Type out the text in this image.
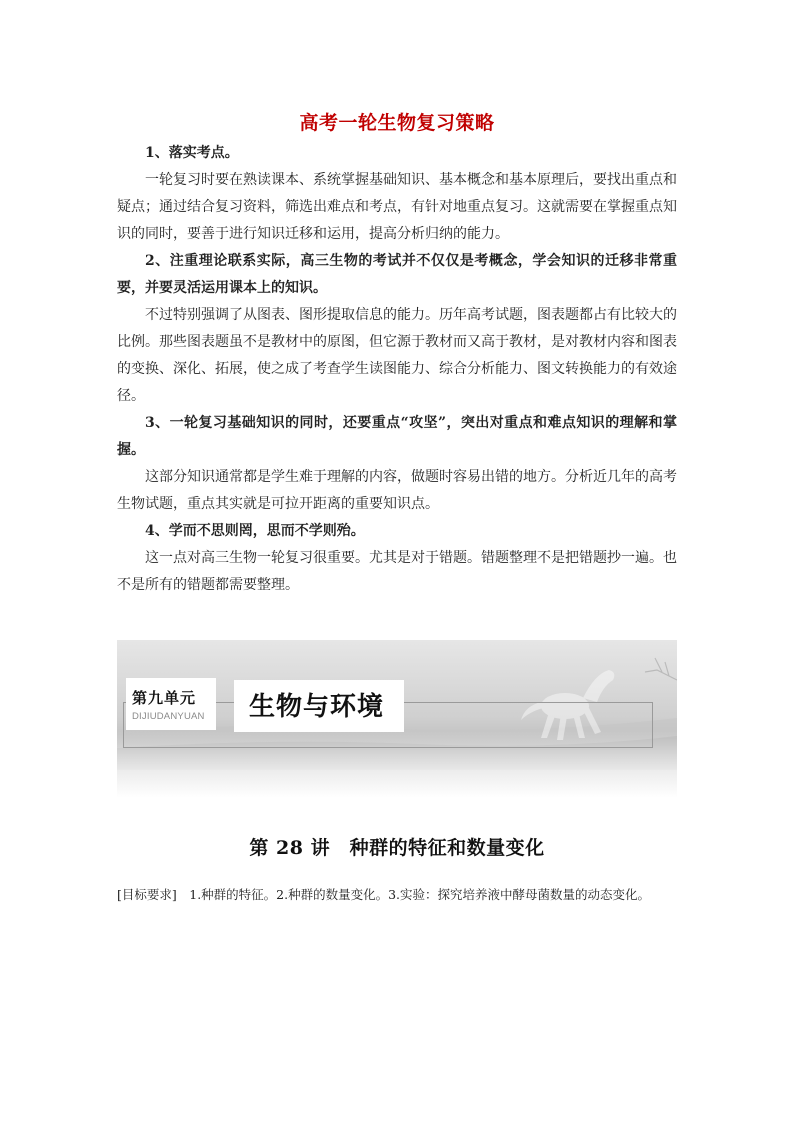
高考一轮生物复习策略

1、落实考点。

一轮复习时要在熟读课本、系统掌握基础知识、基本概念和基本原理后，要找出重点和疑点；通过结合复习资料，筛选出难点和考点，有针对地重点复习。这就需要在掌握重点知识的同时，要善于进行知识迁移和运用，提高分析归纳的能力。

2、注重理论联系实际，高三生物的考试并不仅仅是考概念，学会知识的迁移非常重要，并要灵活运用课本上的知识。

不过特别强调了从图表、图形提取信息的能力。历年高考试题，图表题都占有比较大的比例。那些图表题虽不是教材中的原图，但它源于教材而又高于教材，是对教材内容和图表的变换、深化、拓展，使之成了考查学生读图能力、综合分析能力、图文转换能力的有效途径。

3、一轮复习基础知识的同时，还要重点“攻坚”，突出对重点和难点知识的理解和掌握。

这部分知识通常都是学生难于理解的内容，做题时容易出错的地方。分析近几年的高考生物试题，重点其实就是可拉开距离的重要知识点。

4、学而不思则罔，思而不学则殆。

这一点对高三生物一轮复习很重要。尤其是对于错题。错题整理不是把错题抄一遍。也不是所有的错题都需要整理。

第九单元
DIJIUDANYUAN 生物与环境
第 28 讲　种群的特征和数量变化
[目标要求]　1.种群的特征。2.种群的数量变化。3.实验：探究培养液中酵母菌数量的动态变化。
